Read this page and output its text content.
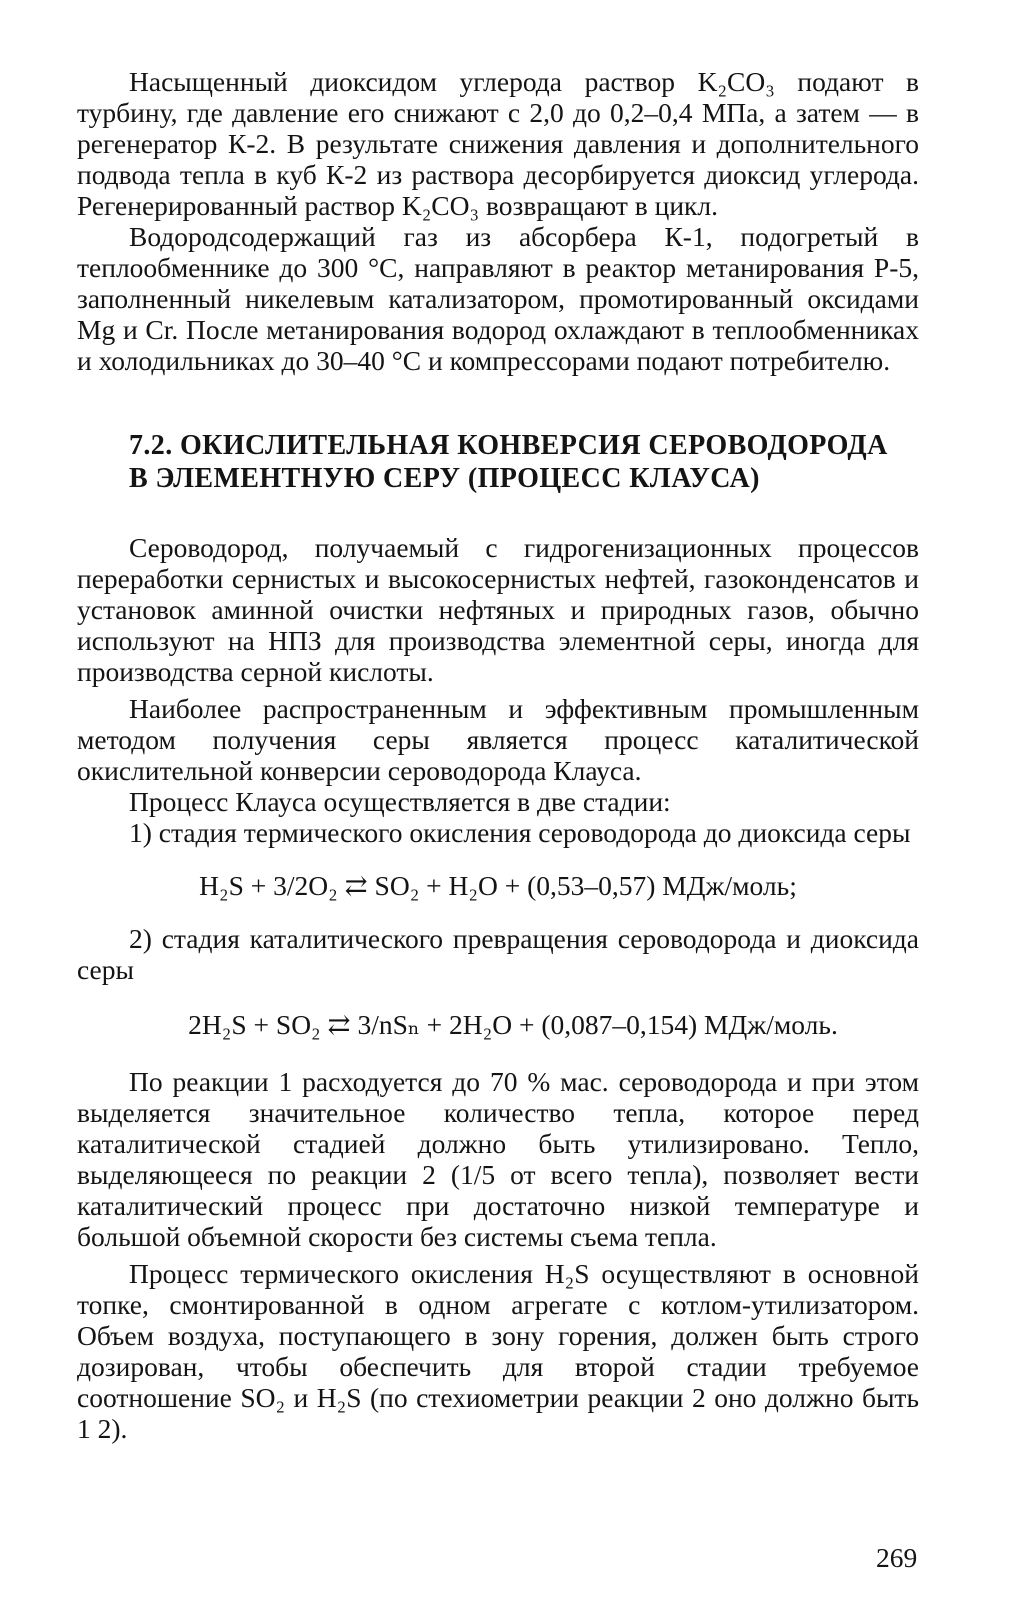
Насыщенный диоксидом углерода раствор K₂CO₃ подают в турбину, где давление его снижают с 2,0 до 0,2–0,4 МПа, а затем — в регенератор К-2. В результате снижения давления и дополнительного подвода тепла в куб К-2 из раствора десорбируется диоксид углерода. Регенерированный раствор K₂CO₃ возвращают в цикл.

Водородсодержащий газ из абсорбера К-1, подогретый в теплообменнике до 300 °С, направляют в реактор метанирования Р-5, заполненный никелевым катализатором, промотированный оксидами Mg и Cr. После метанирования водород охлаждают в теплообменниках и холодильниках до 30–40 °С и компрессорами подают потребителю.

7.2. ОКИСЛИТЕЛЬНАЯ КОНВЕРСИЯ СЕРОВОДОРОДА
В ЭЛЕМЕНТНУЮ СЕРУ (ПРОЦЕСС КЛАУСА)

Сероводород, получаемый с гидрогенизационных процессов переработки сернистых и высокосернистых нефтей, газоконденсатов и установок аминной очистки нефтяных и природных газов, обычно используют на НПЗ для производства элементной серы, иногда для производства серной кислоты.

Наиболее распространенным и эффективным промышленным методом получения серы является процесс каталитической окислительной конверсии сероводорода Клауса.

Процесс Клауса осуществляется в две стадии:

1) стадия термического окисления сероводорода до диоксида серы

H₂S + 3/2O₂ ⇄ SO₂ + H₂O + (0,53–0,57) МДж/моль;

2) стадия каталитического превращения сероводорода и диоксида серы

2H₂S + SO₂ ⇄ 3/nSₙ + 2H₂O + (0,087–0,154) МДж/моль.

По реакции 1 расходуется до 70 % мас. сероводорода и при этом выделяется значительное количество тепла, которое перед каталитической стадией должно быть утилизировано. Тепло, выделяющееся по реакции 2 (1/5 от всего тепла), позволяет вести каталитический процесс при достаточно низкой температуре и большой объемной скорости без системы съема тепла.

Процесс термического окисления H₂S осуществляют в основной топке, смонтированной в одном агрегате с котлом-утилизатором. Объем воздуха, поступающего в зону горения, должен быть строго дозирован, чтобы обеспечить для второй стадии требуемое соотношение SO₂ и H₂S (по стехиометрии реакции 2 оно должно быть 1 2).

269
